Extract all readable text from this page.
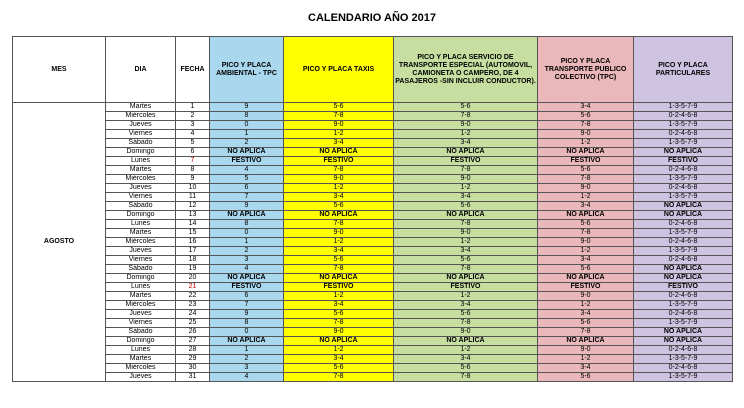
CALENDARIO AÑO 2017
MES	DIA	FECHA	PICO Y PLACA AMBIENTAL - TPC	PICO Y PLACA TAXIS	PICO Y PLACA SERVICIO DE TRANSPORTE ESPECIAL (AUTOMOVIL, CAMIONETA O CAMPERO, DE 4 PASAJEROS -SIN INCLUIR CONDUCTOR).	PICO Y PLACA TRANSPORTE PUBLICO COLECTIVO (TPC)	PICO Y PLACA PARTICULARES
AGOSTO	Martes	1	9	5-6	5-6	3-4	1-3-5-7-9
	Miércoles	2	8	7-8	7-8	5-6	0-2-4-6-8
	Jueves	3	0	9-0	9-0	7-8	1-3-5-7-9
	Viernes	4	1	1-2	1-2	9-0	0-2-4-6-8
	Sábado	5	2	3-4	3-4	1-2	1-3-5-7-9
	Domingo	6	NO APLICA	NO APLICA	NO APLICA	NO APLICA	NO APLICA
	Lunes	7	FESTIVO	FESTIVO	FESTIVO	FESTIVO	FESTIVO
	Martes	8	4	7-8	7-8	5-6	0-2-4-6-8
	Miércoles	9	5	9-0	9-0	7-8	1-3-5-7-9
	Jueves	10	6	1-2	1-2	9-0	0-2-4-6-8
	Viernes	11	7	3-4	3-4	1-2	1-3-5-7-9
	Sábado	12	9	5-6	5-6	3-4	NO APLICA
	Domingo	13	NO APLICA	NO APLICA	NO APLICA	NO APLICA	NO APLICA
	Lunes	14	8	7-8	7-8	5-6	0-2-4-6-8
	Martes	15	0	9-0	9-0	7-8	1-3-5-7-9
	Miércoles	16	1	1-2	1-2	9-0	0-2-4-6-8
	Jueves	17	2	3-4	3-4	1-2	1-3-5-7-9
	Viernes	18	3	5-6	5-6	3-4	0-2-4-6-8
	Sábado	19	4	7-8	7-8	5-6	NO APLICA
	Domingo	20	NO APLICA	NO APLICA	NO APLICA	NO APLICA	NO APLICA
	Lunes	21	FESTIVO	FESTIVO	FESTIVO	FESTIVO	FESTIVO
	Martes	22	6	1-2	1-2	9-0	0-2-4-6-8
	Miércoles	23	7	3-4	3-4	1-2	1-3-5-7-9
	Jueves	24	9	5-6	5-6	3-4	0-2-4-6-8
	Viernes	25	8	7-8	7-8	5-6	1-3-5-7-9
	Sábado	26	0	9-0	9-0	7-8	NO APLICA
	Domingo	27	NO APLICA	NO APLICA	NO APLICA	NO APLICA	NO APLICA
	Lunes	28	1	1-2	1-2	9-0	0-2-4-6-8
	Martes	29	2	3-4	3-4	1-2	1-3-5-7-9
	Miércoles	30	3	5-6	5-6	3-4	0-2-4-6-8
	Jueves	31	4	7-8	7-8	5-6	1-3-5-7-9
